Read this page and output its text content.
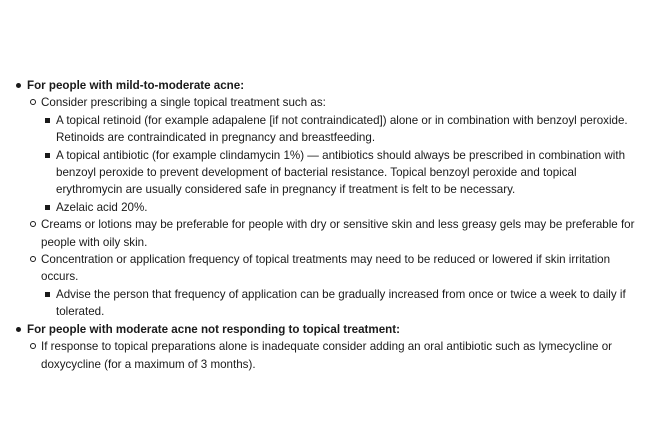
For people with mild-to-moderate acne:
Consider prescribing a single topical treatment such as:
A topical retinoid (for example adapalene [if not contraindicated]) alone or in combination with benzoyl peroxide. Retinoids are contraindicated in pregnancy and breastfeeding.
A topical antibiotic (for example clindamycin 1%) — antibiotics should always be prescribed in combination with benzoyl peroxide to prevent development of bacterial resistance. Topical benzoyl peroxide and topical erythromycin are usually considered safe in pregnancy if treatment is felt to be necessary.
Azelaic acid 20%.
Creams or lotions may be preferable for people with dry or sensitive skin and less greasy gels may be preferable for people with oily skin.
Concentration or application frequency of topical treatments may need to be reduced or lowered if skin irritation occurs.
Advise the person that frequency of application can be gradually increased from once or twice a week to daily if tolerated.
For people with moderate acne not responding to topical treatment:
If response to topical preparations alone is inadequate consider adding an oral antibiotic such as lymecycline or doxycycline (for a maximum of 3 months).
